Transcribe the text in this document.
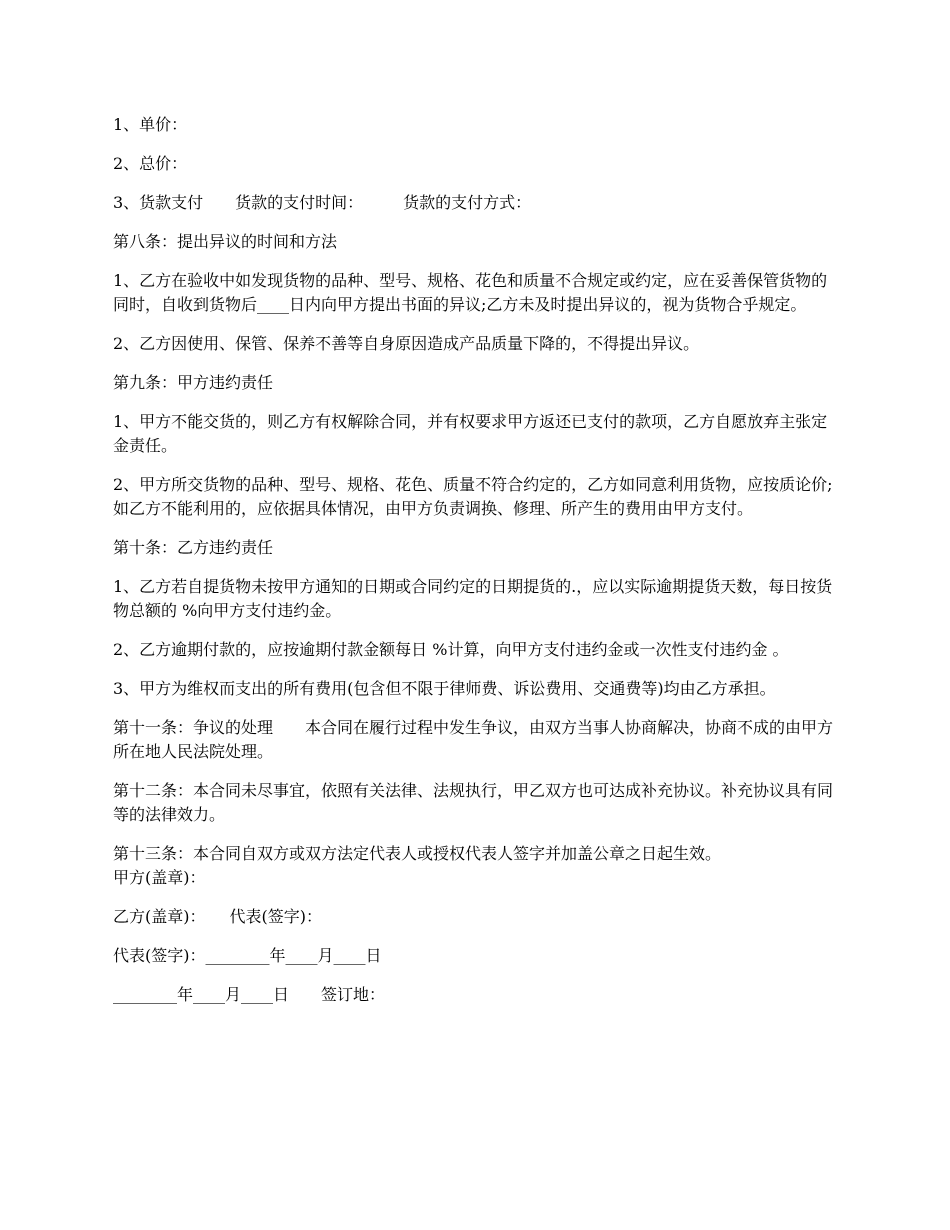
1、单价：

2、总价：

3、货款支付　　货款的支付时间：　　　货款的支付方式：

第八条：提出异议的时间和方法

1、乙方在验收中如发现货物的品种、型号、规格、花色和质量不合规定或约定，应在妥善保管货物的同时，自收到货物后____日内向甲方提出书面的异议;乙方未及时提出异议的，视为货物合乎规定。

2、乙方因使用、保管、保养不善等自身原因造成产品质量下降的，不得提出异议。

第九条：甲方违约责任

1、甲方不能交货的，则乙方有权解除合同，并有权要求甲方返还已支付的款项，乙方自愿放弃主张定金责任。

2、甲方所交货物的品种、型号、规格、花色、质量不符合约定的，乙方如同意利用货物，应按质论价;如乙方不能利用的，应依据具体情况，由甲方负责调换、修理、所产生的费用由甲方支付。

第十条：乙方违约责任

1、乙方若自提货物未按甲方通知的日期或合同约定的日期提货的.，应以实际逾期提货天数，每日按货物总额的 %向甲方支付违约金。

2、乙方逾期付款的，应按逾期付款金额每日 %计算，向甲方支付违约金或一次性支付违约金 。

3、甲方为维权而支出的所有费用(包含但不限于律师费、诉讼费用、交通费等)均由乙方承担。

第十一条：争议的处理　　本合同在履行过程中发生争议，由双方当事人协商解决，协商不成的由甲方所在地人民法院处理。

第十二条：本合同未尽事宜，依照有关法律、法规执行，甲乙双方也可达成补充协议。补充协议具有同等的法律效力。

第十三条：本合同自双方或双方法定代表人或授权代表人签字并加盖公章之日起生效。

甲方(盖章)：

乙方(盖章)：　　代表(签字)：

代表(签字)：________年____月____日

________年____月____日　　签订地：
